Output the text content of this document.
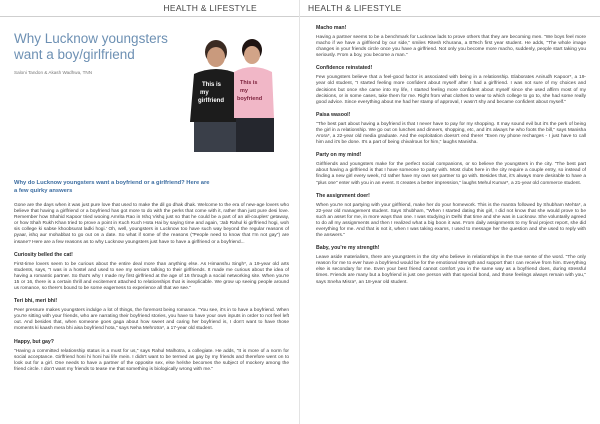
HEALTH & LIFESTYLE
Why Lucknow youngsters want a boy/girlfriend
Saloni Tandon & Akash Wadhwa, TNN
This is
my
girlfriend
This is
my
boyfriend
Why do Lucknow youngsters want a boyfriend or a girlfriend? Here are a few quirky answers

Gone are the days when it was just pure love that used to make the dil go dhak dhak. Welcome to the era of new-age lovers who believe that having a girlfriend or a boyfriend has got more to do with the perks that come with it, rather than just pure desi love. Remember how Shahid Kapoor tried wooing Amrita Rao in Ishq Vishq just so that he could be a part of an all-couples' getaway, or how Shah Rukh Khan tried to prove a point in Kuch Kuch Hota Hai by saying time and again, 'Jab Rahul ki girlfriend hogi, woh sis college ki sabse khoobsurat ladki hogi.' Oh, well, youngsters in Lucknow too have such way beyond the regular reasons of pyaar, ishq aur mohabbat to go out on a date. So what if some of the reasons ("People need to know that I'm not gay") are insane? Here are a few reasons as to why Lucknow youngsters just have to have a girlfriend or a boyfriend...

Curiosity belled the cat!

First-time lovers seem to be curious about the entire deal more than anything else. As Himanshu Singh*, a 19-year old arts students, says, "I was in a hostel and used to see my seniors talking to their girlfriends. It made me curious about the idea of having a romantic partner. So that's why I made my first girlfriend at the age of 16 through a social networking site. When you're 15 or 16, there is a certain thrill and excitement attached to relationships that is inexplicable. We grow up seeing people around us romance, so there's bound to be some eagerness to experience all that we see."

Teri bhi, meri bhi!

Peer pressure makes youngsters indulge a lot of things, the foremost being romance. "You see, it's in to have a boyfriend. When you're sitting with your friends, who are narrating their boyfriend stories, you have to have your own inputs in order to not feel left out. And besides that, when someone goes gaga about how sweet and caring her boyfriend is, I don't want to have those moments ki kaash mera bhi aisa boyfriend hota," says Neha Mehrotra*, a 17-year old student.

Happy, but gay?

"Having a committed relationship status is a must for us," says Rahul Malhotra, a collegiate. He adds, "It is more of a norm for social acceptance. Girlfriend honi hi honi hai life mein. I didn't want to be termed as gay by my friends and therefore went on to look out for a girl. One needs to have a partner of the opposite sex, else he/she becomes the subject of mockery among the friend circle. I don't want my friends to tease me that something is biologically wrong with me."

HEALTH & LIFESTYLE
Macho man!

Having a partner seems to be a benchmark for Lucknow lads to prove others that they are becoming men. "We boys feel more macho if we have a girlfriend by our side," smiles Ritesh Khurana, a BTech first year student. He adds, "The whole image changes in your friends circle once you have a girlfriend. Not only you become more macho, suddenly, people start taking you seriously. From a boy, you become a man."

Confidence reinstated!

Few youngsters believe that a feel-good factor is associated with being in a relationship. Elaborates Anirudh Kapoor*, a 19-year old student, "I started feeling more confident about myself after I had a girlfriend. I was not sure of my choices and decisions but once she came into my life, I started feeling more confident about myself since she used affirm most of my decisions, or in some cases, take them for me. Right from what clothes to wear to which college to go to, she had some really good advice. Since everything about me had her stamp of approval, I wasn't shy and became confident about myself."

Paisa wasool!

"The best part about having a boyfriend is that I never have to pay for my shopping. It may sound evil but it's the perk of being the girl in a relationship. We go out on lunches and dinners, shopping, etc, and it's always he who foots the bill," says Manisha Arora*, a 22-year old media graduate. And the exploitation doesn't end there! "Even my phone recharges - I just have to call him and it's be done. It's a part of being chivalrous for him," laughs Manisha.

Party on my mind!

Girlfriends and youngsters make for the perfect social companions, or so believe the youngsters in the city. "The best part about having a girlfriend is that I have someone to party with. Most clubs here in the city require a couple entry, so instead of finding a new girl every week, I'd rather have my own set partner to go with. Besides that, it's always more desirable to have a "plus one" enter with you in an event. It creates a better impression," laughs Mehul Kumar*, a 21-year old commerce student.

The assignment doer!

When you're not partying with your girlfriend, make her do your homework. This is the mantra followed by Shubham Mehta*, a 22-year old management student. Says Shubham, "When I started dating this girl, I did not know that she would prove to be such an asset for me, in more ways than one. I was studying in Delhi that time and she was in Lucknow. She voluntarily agreed to do all my assignments and then I realized what a big boon it was. From daily assignments to my final project report, she did everything for me. And that is not it, when I was taking exams, I used to message her the question and she used to reply with the answers."

Baby, you're my strength!

Leave aside materialism, there are youngsters in the city who believe in relationships in the true sense of the word. "The only reason for me to ever have a boyfriend would be for the emotional strength and support that I can receive from him. Everything else is secondary for me. Even your best friend cannot comfort you in the same way as a boyfriend does, during stressful times. Friends are many but a boyfriend is just one person with that special bond, and those feelings always remain with you," says Sneha Misra*, an 18-year old student.
